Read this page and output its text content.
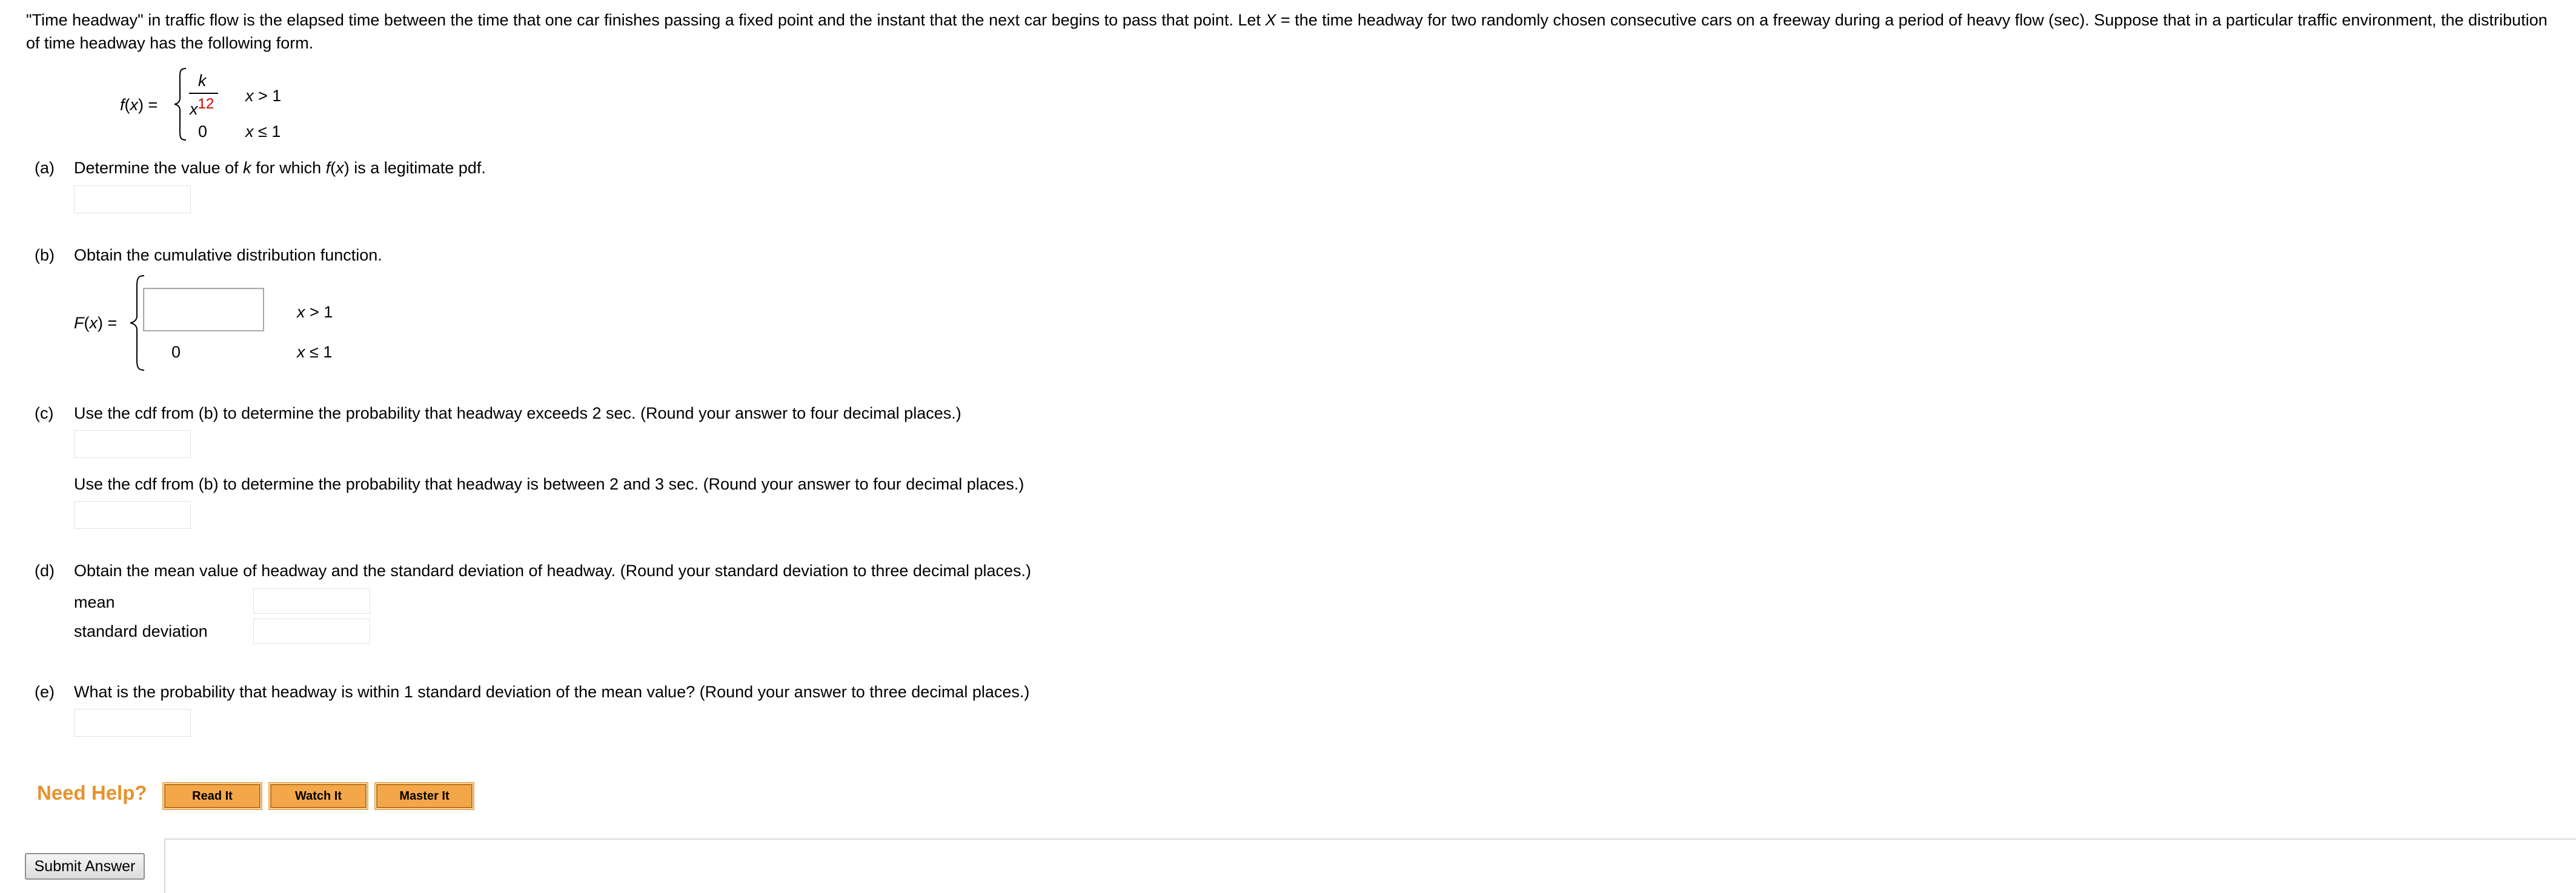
"Time headway" in traffic flow is the elapsed time between the time that one car finishes passing a fixed point and the instant that the next car begins to pass that point. Let X = the time headway for two randomly chosen consecutive cars on a freeway during a period of heavy flow (sec). Suppose that in a particular traffic environment, the distribution of time headway has the following form.
f(x) =
k
$x^{12}$ x > 1
0 x ≤ 1
(a) Determine the value of k for which f(x) is a legitimate pdf.
(b) Obtain the cumulative distribution function.
F(x) =
x > 1
0	x ≤ 1
(c) Use the cdf from (b) to determine the probability that headway exceeds 2 sec. (Round your answer to four decimal places.)
Use the cdf from (b) to determine the probability that headway is between 2 and 3 sec. (Round your answer to four decimal places.)
(d) Obtain the mean value of headway and the standard deviation of headway. (Round your standard deviation to three decimal places.)
mean
standard deviation
(e) What is the probability that headway is within 1 standard deviation of the mean value? (Round your answer to three decimal places.)
Need Help?	Read It	Watch It	Master It
Submit Answer
